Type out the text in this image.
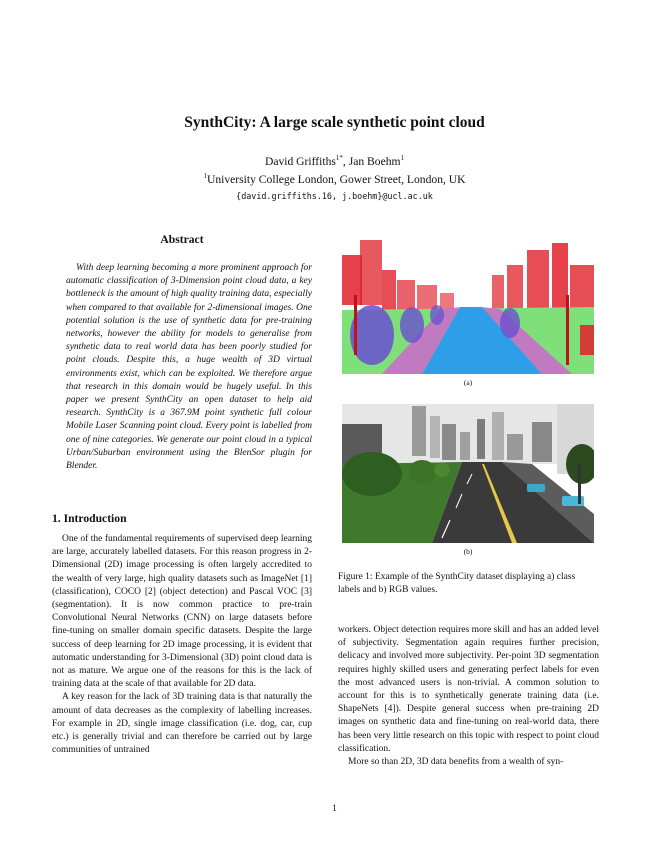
SynthCity: A large scale synthetic point cloud
David Griffiths$^{1*}$, Jan Boehm$^1$
$^1$University College London, Gower Street, London, UK
{david.griffiths.16, j.boehm}@ucl.ac.uk
Abstract

With deep learning becoming a more prominent approach for automatic classification of 3-Dimension point cloud data, a key bottleneck is the amount of high quality training data, especially when compared to that available for 2-dimensional images. One potential solution is the use of synthetic data for pre-training networks, however the ability for models to generalise from synthetic data to real world data has been poorly studied for point clouds. Despite this, a huge wealth of 3D virtual environments exist, which can be exploited. We therefore argue that research in this domain would be hugely useful. In this paper we present SynthCity an open dataset to help aid research. SynthCity is a 367.9M point synthetic full colour Mobile Laser Scanning point cloud. Every point is labelled from one of nine categories. We generate our point cloud in a typical Urban/Suburban environment using the BlenSor plugin for Blender.

1. Introduction

One of the fundamental requirements of supervised deep learning are large, accurately labelled datasets. For this reason progress in 2-Dimensional (2D) image processing is often largely accredited to the wealth of very large, high quality datasets such as ImageNet [1] (classification), COCO [2] (object detection) and Pascal VOC [3] (segmentation). It is now common practice to pre-train Convolutional Neural Networks (CNN) on large datasets before fine-tuning on smaller domain specific datasets. Despite the large success of deep learning for 2D image processing, it is evident that automatic understanding for 3-Dimensional (3D) point cloud data is not as mature. We argue one of the reasons for this is the lack of training data at the scale of that available for 2D data.

A key reason for the lack of 3D training data is that naturally the amount of data decreases as the complexity of labelling increases. For example in 2D, single image classification (i.e. dog, car, cup etc.) is generally trivial and can therefore be carried out by large communities of untrained

(a)
(b)
Figure 1: Example of the SynthCity dataset displaying a) class labels and b) RGB values.

workers. Object detection requires more skill and has an added level of subjectivity. Segmentation again requires further precision, delicacy and involved more subjectivity. Per-point 3D segmentation requires highly skilled users and generating perfect labels for even the most advanced users is non-trivial. A common solution to account for this is to synthetically generate training data (i.e. ShapeNets [4]). Despite general success when pre-training 2D images on synthetic data and fine-tuning on real-world data, there has been very little research on this topic with respect to point cloud classification.

More so than 2D, 3D data benefits from a wealth of syn-

1
